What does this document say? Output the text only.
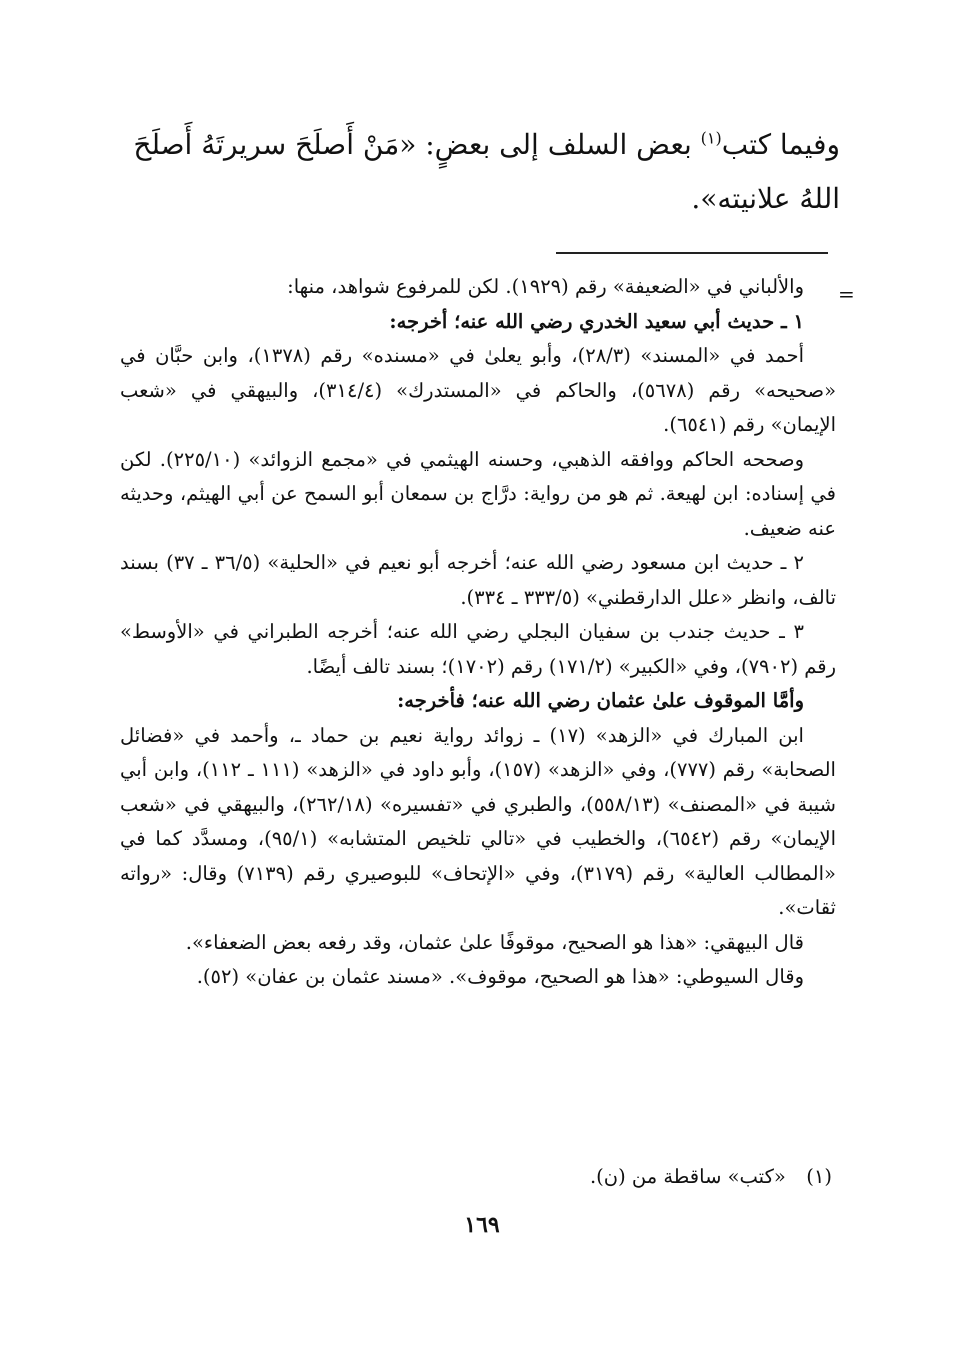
وفيما كتب$^{(١)}$ بعض السلف إلى بعضٍ: «مَنْ أَصلَحَ سريرتَهُ أَصلَحَ
اللهُ علانيته».
=

والألباني في «الضعيفة» رقم (١٩٢٩). لكن للمرفوع شواهد، منها:

١ ـ حديث أبي سعيد الخدري رضي الله عنه؛ أخرجه:

أحمد في «المسند» (٢٨/٣)، وأبو يعلىٰ في «مسنده» رقم (١٣٧٨)، وابن حبَّان في «صحيحه» رقم (٥٦٧٨)، والحاكم في «المستدرك» (٣١٤/٤)، والبيهقي في «شعب الإيمان» رقم (٦٥٤١).

وصححه الحاكم ووافقه الذهبي، وحسنه الهيثمي في «مجمع الزوائد» (٢٢٥/١٠). لكن في إسناده: ابن لهيعة. ثم هو من رواية: درَّاج بن سمعان أبو السمح عن أبي الهيثم، وحديثه عنه ضعيف.

٢ ـ حديث ابن مسعود رضي الله عنه؛ أخرجه أبو نعيم في «الحلية» (٣٦/٥ ـ ٣٧) بسند تالف، وانظر «علل الدارقطني» (٣٣٣/٥ ـ ٣٣٤).

٣ ـ حديث جندب بن سفيان البجلي رضي الله عنه؛ أخرجه الطبراني في «الأوسط» رقم (٧٩٠٢)، وفي «الكبير» (١٧١/٢) رقم (١٧٠٢)؛ بسند تالف أيضًا.

وأمَّا الموقوف علىٰ عثمان رضي الله عنه؛ فأخرجه:

ابن المبارك في «الزهد» (١٧) ـ زوائد رواية نعيم بن حماد ـ، وأحمد في «فضائل الصحابة» رقم (٧٧٧)، وفي «الزهد» (١٥٧)، وأبو داود في «الزهد» (١١١ ـ ١١٢)، وابن أبي شيبة في «المصنف» (٥٥٨/١٣)، والطبري في «تفسيره» (٢٦٢/١٨)، والبيهقي في «شعب الإيمان» رقم (٦٥٤٢)، والخطيب في «تالي تلخيص المتشابه» (٩٥/١)، ومسدَّد كما في «المطالب العالية» رقم (٣١٧٩)، وفي «الإتحاف» للبوصيري رقم (٧١٣٩) وقال: «رواته ثقات».

قال البيهقي: «هذا هو الصحيح، موقوفًا علىٰ عثمان، وقد رفعه بعض الضعفاء».

وقال السيوطي: «هذا هو الصحيح، موقوف». «مسند عثمان بن عفان» (٥٢).

(١) «كتب» ساقطة من (ن).
١٦٩
